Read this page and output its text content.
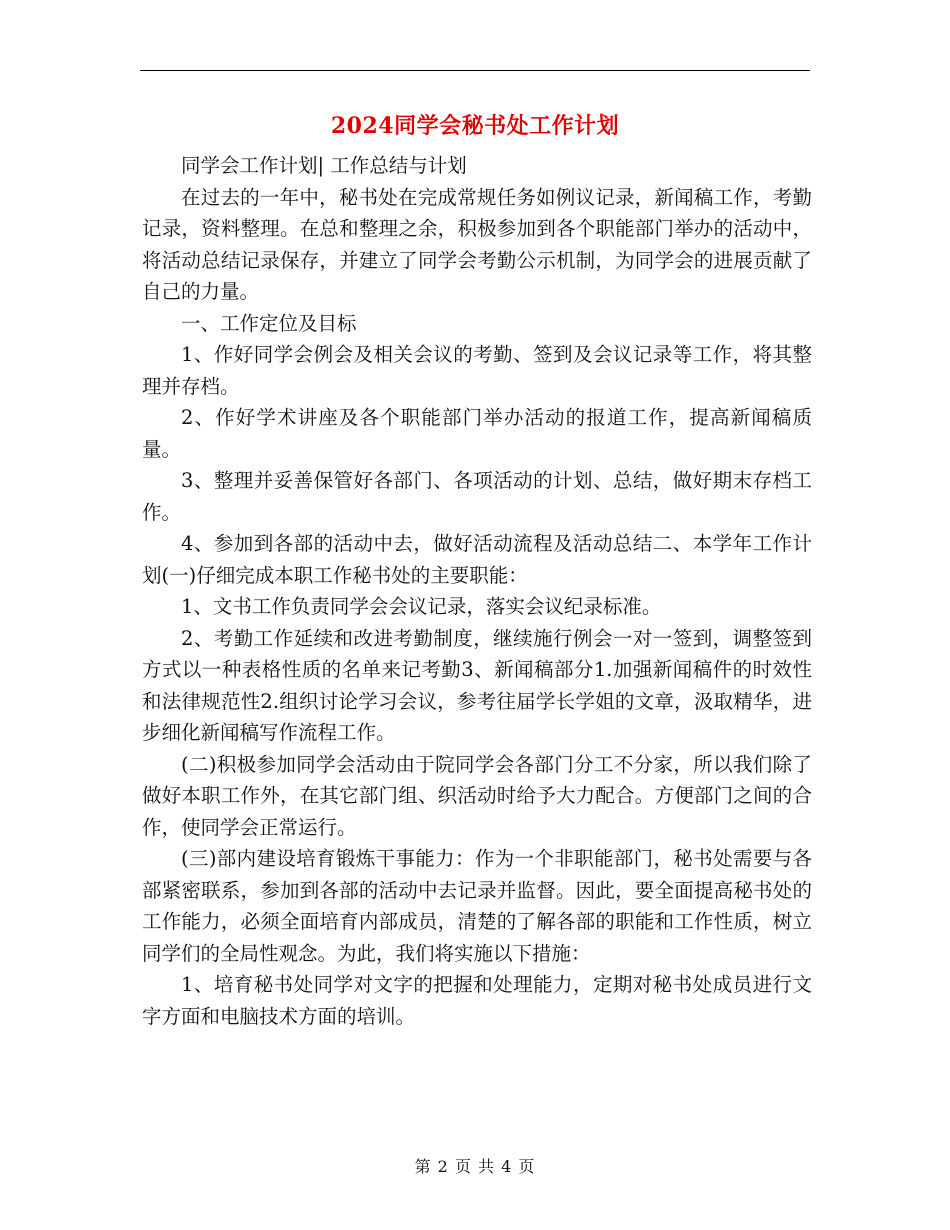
2024同学会秘书处工作计划

同学会工作计划| 工作总结与计划

在过去的一年中，秘书处在完成常规任务如例议记录，新闻稿工作，考勤记录，资料整理。在总和整理之余，积极参加到各个职能部门举办的活动中，将活动总结记录保存，并建立了同学会考勤公示机制，为同学会的进展贡献了自己的力量。

一、工作定位及目标

1、作好同学会例会及相关会议的考勤、签到及会议记录等工作，将其整理并存档。

2、作好学术讲座及各个职能部门举办活动的报道工作，提高新闻稿质量。

3、整理并妥善保管好各部门、各项活动的计划、总结，做好期末存档工作。

4、参加到各部的活动中去，做好活动流程及活动总结二、本学年工作计划(一)仔细完成本职工作秘书处的主要职能：

1、文书工作负责同学会会议记录，落实会议纪录标准。

2、考勤工作延续和改进考勤制度，继续施行例会一对一签到，调整签到方式以一种表格性质的名单来记考勤3、新闻稿部分1.加强新闻稿件的时效性和法律规范性2.组织讨论学习会议，参考往届学长学姐的文章，汲取精华，进步细化新闻稿写作流程工作。

(二)积极参加同学会活动由于院同学会各部门分工不分家，所以我们除了做好本职工作外，在其它部门组、织活动时给予大力配合。方便部门之间的合作，使同学会正常运行。

(三)部内建设培育锻炼干事能力：作为一个非职能部门，秘书处需要与各部紧密联系，参加到各部的活动中去记录并监督。因此，要全面提高秘书处的工作能力，必须全面培育内部成员，清楚的了解各部的职能和工作性质，树立同学们的全局性观念。为此，我们将实施以下措施：

1、培育秘书处同学对文字的把握和处理能力，定期对秘书处成员进行文字方面和电脑技术方面的培训。

第 2 页 共 4 页
